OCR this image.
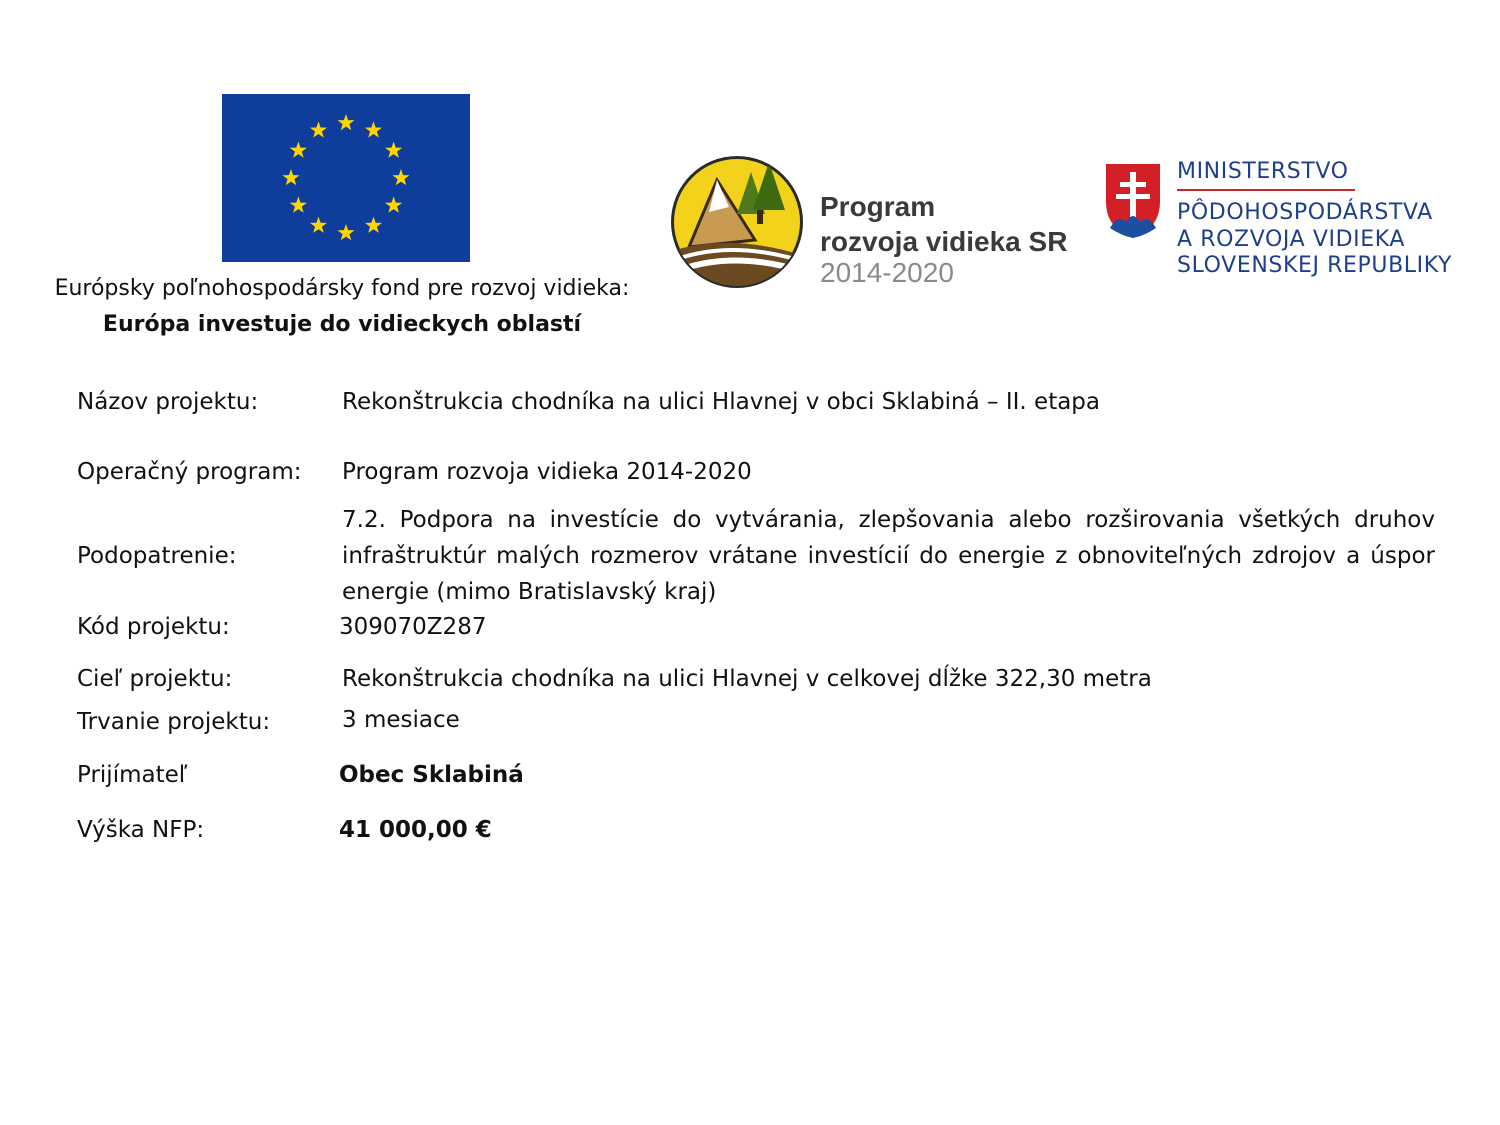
Európsky poľnohospodársky fond pre rozvoj vidieka:
Európa investuje do vidieckych oblastí
Program
rozvoja vidieka SR
2014-2020
MINISTERSTVO
PÔDOHOSPODÁRSTVA
A ROZVOJA VIDIEKA
SLOVENSKEJ REPUBLIKY
Názov projektu:	Rekonštrukcia chodníka na ulici Hlavnej v obci Sklabiná – II. etapa
Operačný program:	Program rozvoja vidieka 2014-2020
Podopatrenie:
7.2. Podpora na investície do vytvárania, zlepšovania alebo rozširovania všetkých druhov infraštruktúr malých rozmerov vrátane investícií do energie z obnoviteľných zdrojov a úspor energie (mimo Bratislavský kraj)
Kód projektu:	309070Z287
Cieľ projektu:	Rekonštrukcia chodníka na ulici Hlavnej v celkovej dĺžke 322,30 metra
Trvanie projektu:	3 mesiace
Prijímateľ	Obec Sklabiná
Výška NFP:	41 000,00 €
